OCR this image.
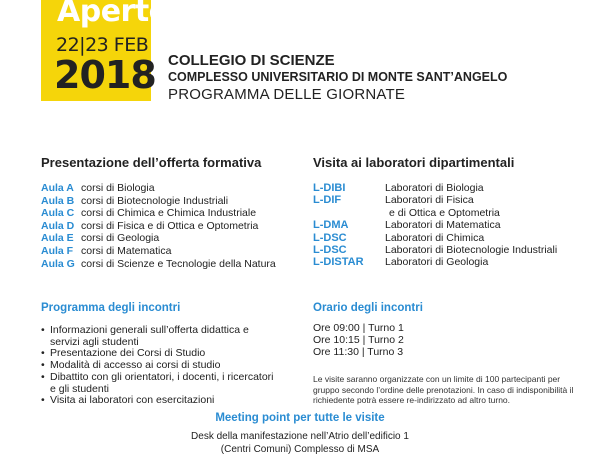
Aperte
22|23 FEB
2018 COLLEGIO DI SCIENZE
COMPLESSO UNIVERSITARIO DI MONTE SANT’ANGELO
PROGRAMMA DELLE GIORNATE
Presentazione dell’offerta formativa
Aula A corsi di Biologia
Aula B corsi di Biotecnologie Industriali
Aula C corsi di Chimica e Chimica Industriale
Aula D corsi di Fisica e di Ottica e Optometria
Aula E corsi di Geologia
Aula F corsi di Matematica
Aula G corsi di Scienze e Tecnologie della Natura
Visita ai laboratori dipartimentali
L-DIBI	Laboratori di Biologia
L-DIF	Laboratori di Fisica
e di Ottica e Optometria
L-DMA	Laboratori di Matematica
L-DSC	Laboratori di Chimica
L-DSC	Laboratori di Biotecnologie Industriali
L-DISTAR	Laboratori di Geologia
Programma degli incontri
• Informazioni generali sull’offerta didattica e servizi agli studenti
• Presentazione dei Corsi di Studio
• Modalità di accesso ai corsi di studio
• Dibattito con gli orientatori, i docenti, i ricercatori e gli studenti
• Visita ai laboratori con esercitazioni
Orario degli incontri
Ore 09:00 | Turno 1
Ore 10:15 | Turno 2
Ore 11:30 | Turno 3
Le visite saranno organizzate con un limite di 100 partecipanti per gruppo secondo l’ordine delle prenotazioni. In caso di indisponibilità il richiedente potrà essere re-indirizzato ad altro turno.
Meeting point per tutte le visite
Desk della manifestazione nell’Atrio dell’edificio 1
(Centri Comuni) Complesso di MSA
